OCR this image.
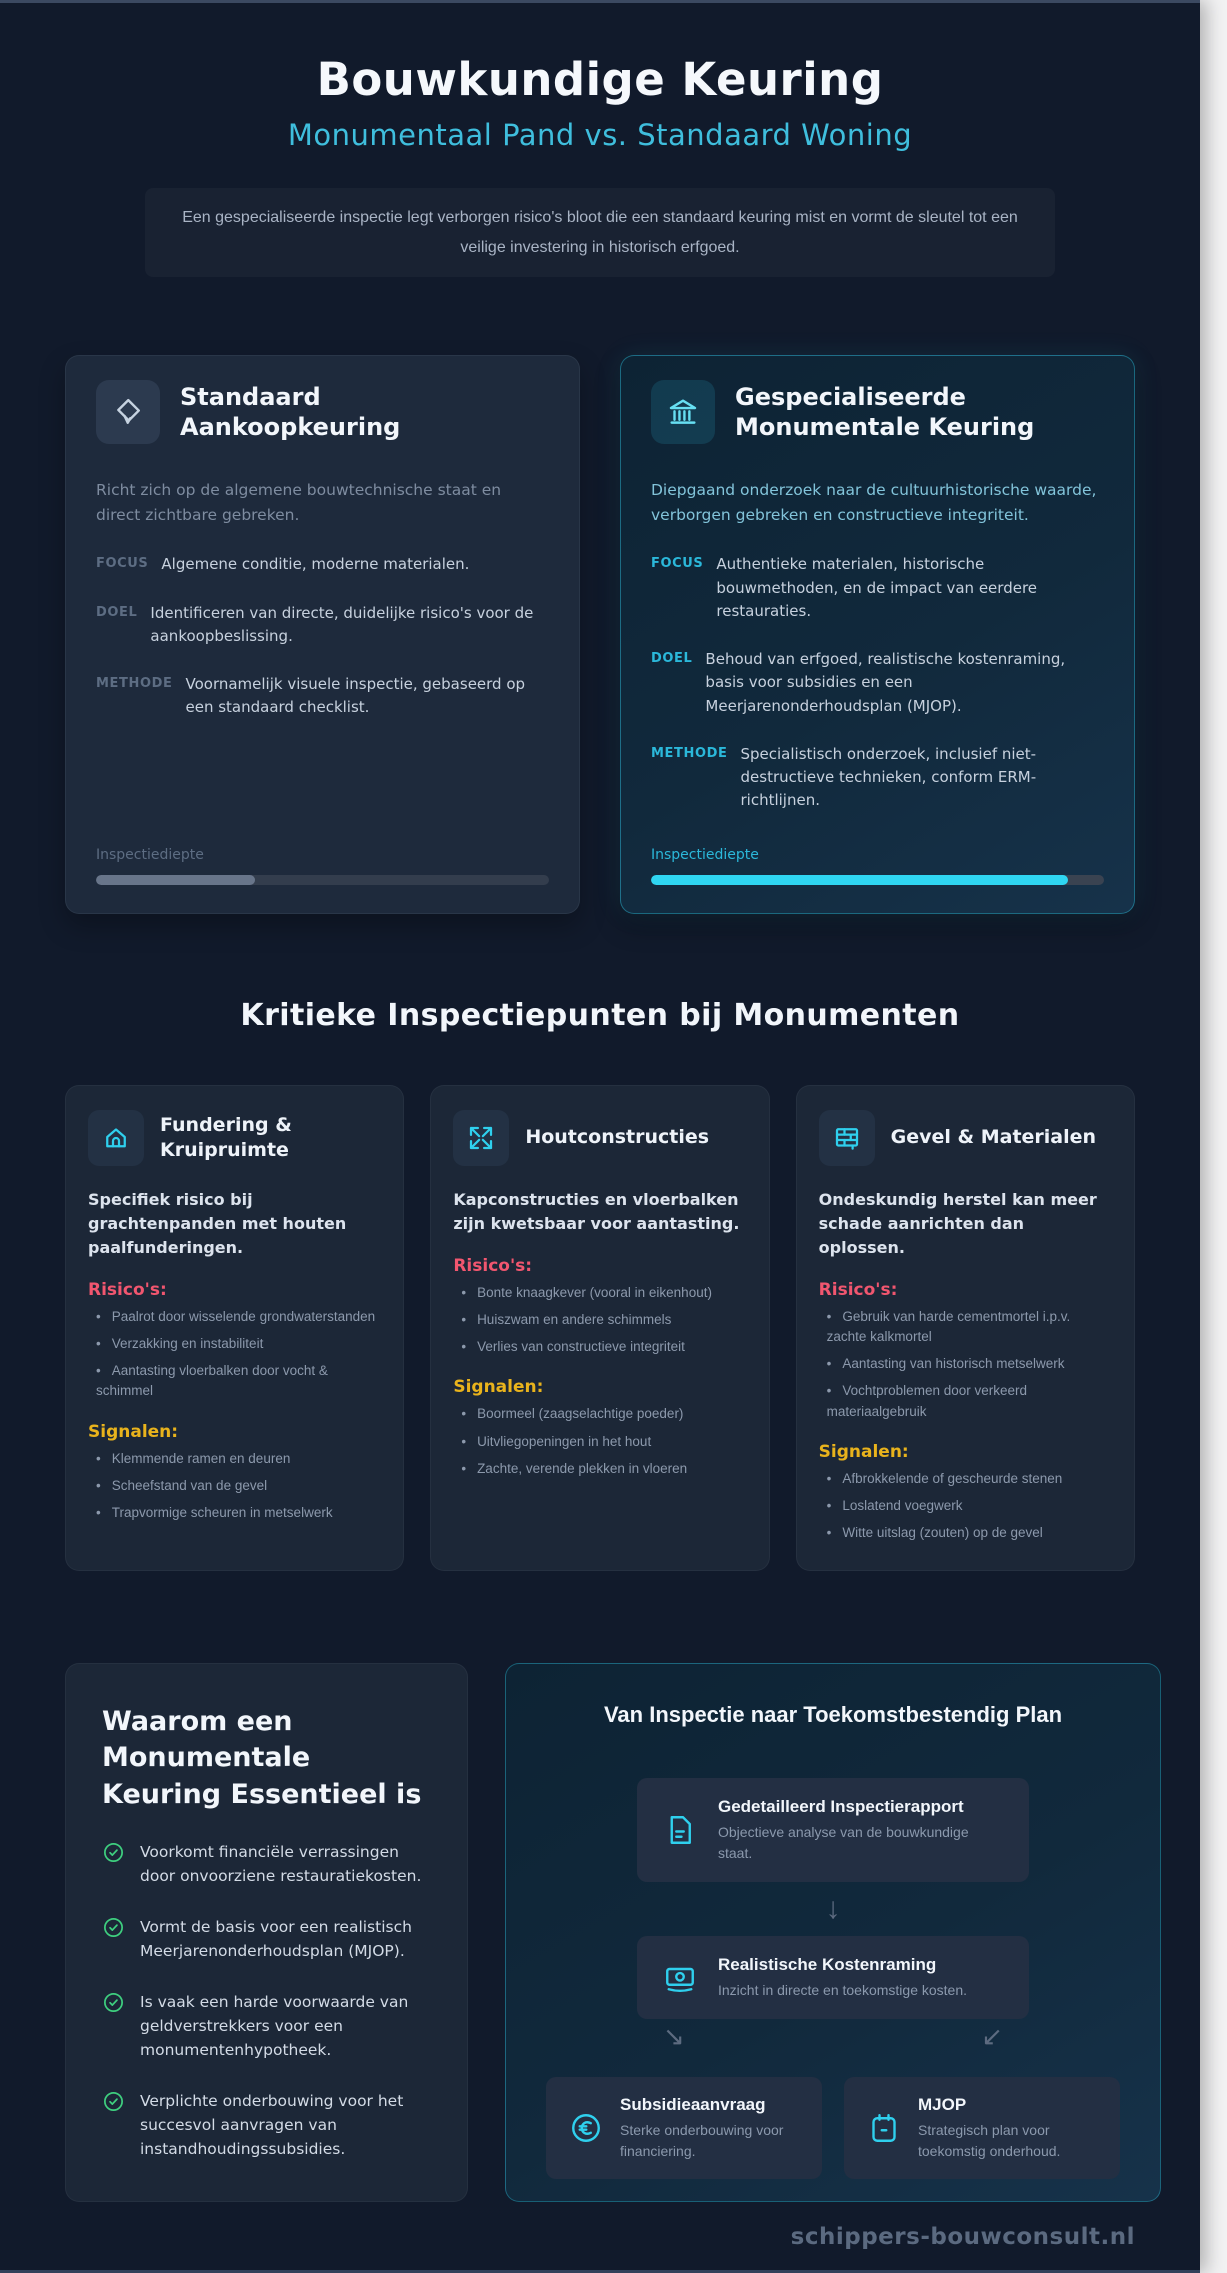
Bouwkundige Keuring
Monumentaal Pand vs. Standaard Woning
Een gespecialiseerde inspectie legt verborgen risico's bloot die een standaard keuring mist en vormt de sleutel tot een veilige investering in historisch erfgoed.
Standaard Aankoopkeuring
Richt zich op de algemene bouwtechnische staat en direct zichtbare gebreken.
FOCUS Algemene conditie, moderne materialen.
DOEL Identificeren van directe, duidelijke risico's voor de aankoopbeslissing.
METHODE Voornamelijk visuele inspectie, gebaseerd op een standaard checklist.
Inspectiediepte
Gespecialiseerde Monumentale Keuring
Diepgaand onderzoek naar de cultuurhistorische waarde, verborgen gebreken en constructieve integriteit.
FOCUS Authentieke materialen, historische bouwmethoden, en de impact van eerdere restauraties.
DOEL Behoud van erfgoed, realistische kostenraming, basis voor subsidies en een Meerjarenonderhoudsplan (MJOP).
METHODE Specialistisch onderzoek, inclusief niet-destructieve technieken, conform ERM-richtlijnen.
Inspectiediepte
Kritieke Inspectiepunten bij Monumenten
Fundering & Kruipruimte
Specifiek risico bij grachtenpanden met houten paalfunderingen.
Risico's:

• Paalrot door wisselende grondwaterstanden

• Verzakking en instabiliteit

• Aantasting vloerbalken door vocht & schimmel

Signalen:

• Klemmende ramen en deuren

• Scheefstand van de gevel

• Trapvormige scheuren in metselwerk

Houtconstructies
Kapconstructies en vloerbalken zijn kwetsbaar voor aantasting.
Risico's:

• Bonte knaagkever (vooral in eikenhout)

• Huiszwam en andere schimmels

• Verlies van constructieve integriteit

Signalen:

• Boormeel (zaagselachtige poeder)

• Uitvliegopeningen in het hout

• Zachte, verende plekken in vloeren

Gevel & Materialen
Ondeskundig herstel kan meer schade aanrichten dan oplossen.
Risico's:

• Gebruik van harde cementmortel i.p.v. zachte kalkmortel

• Aantasting van historisch metselwerk

• Vochtproblemen door verkeerd materiaalgebruik

Signalen:

• Afbrokkelende of gescheurde stenen

• Loslatend voegwerk

• Witte uitslag (zouten) op de gevel

Waarom een Monumentale Keuring Essentieel is
Voorkomt financiële verrassingen door onvoorziene restauratiekosten.
Vormt de basis voor een realistisch Meerjarenonderhoudsplan (MJOP).
Is vaak een harde voorwaarde van geldverstrekkers voor een monumentenhypotheek.
Verplichte onderbouwing voor het succesvol aanvragen van instandhoudingssubsidies.
Van Inspectie naar Toekomstbestendig Plan
Gedetailleerd Inspectierapport
Objectieve analyse van de bouwkundige staat.
↓
Realistische Kostenraming
Inzicht in directe en toekomstige kosten.
↘	↙
Subsidieaanvraag
Sterke onderbouwing voor financiering.
MJOP
Strategisch plan voor toekomstig onderhoud.
schippers-bouwconsult.nl
